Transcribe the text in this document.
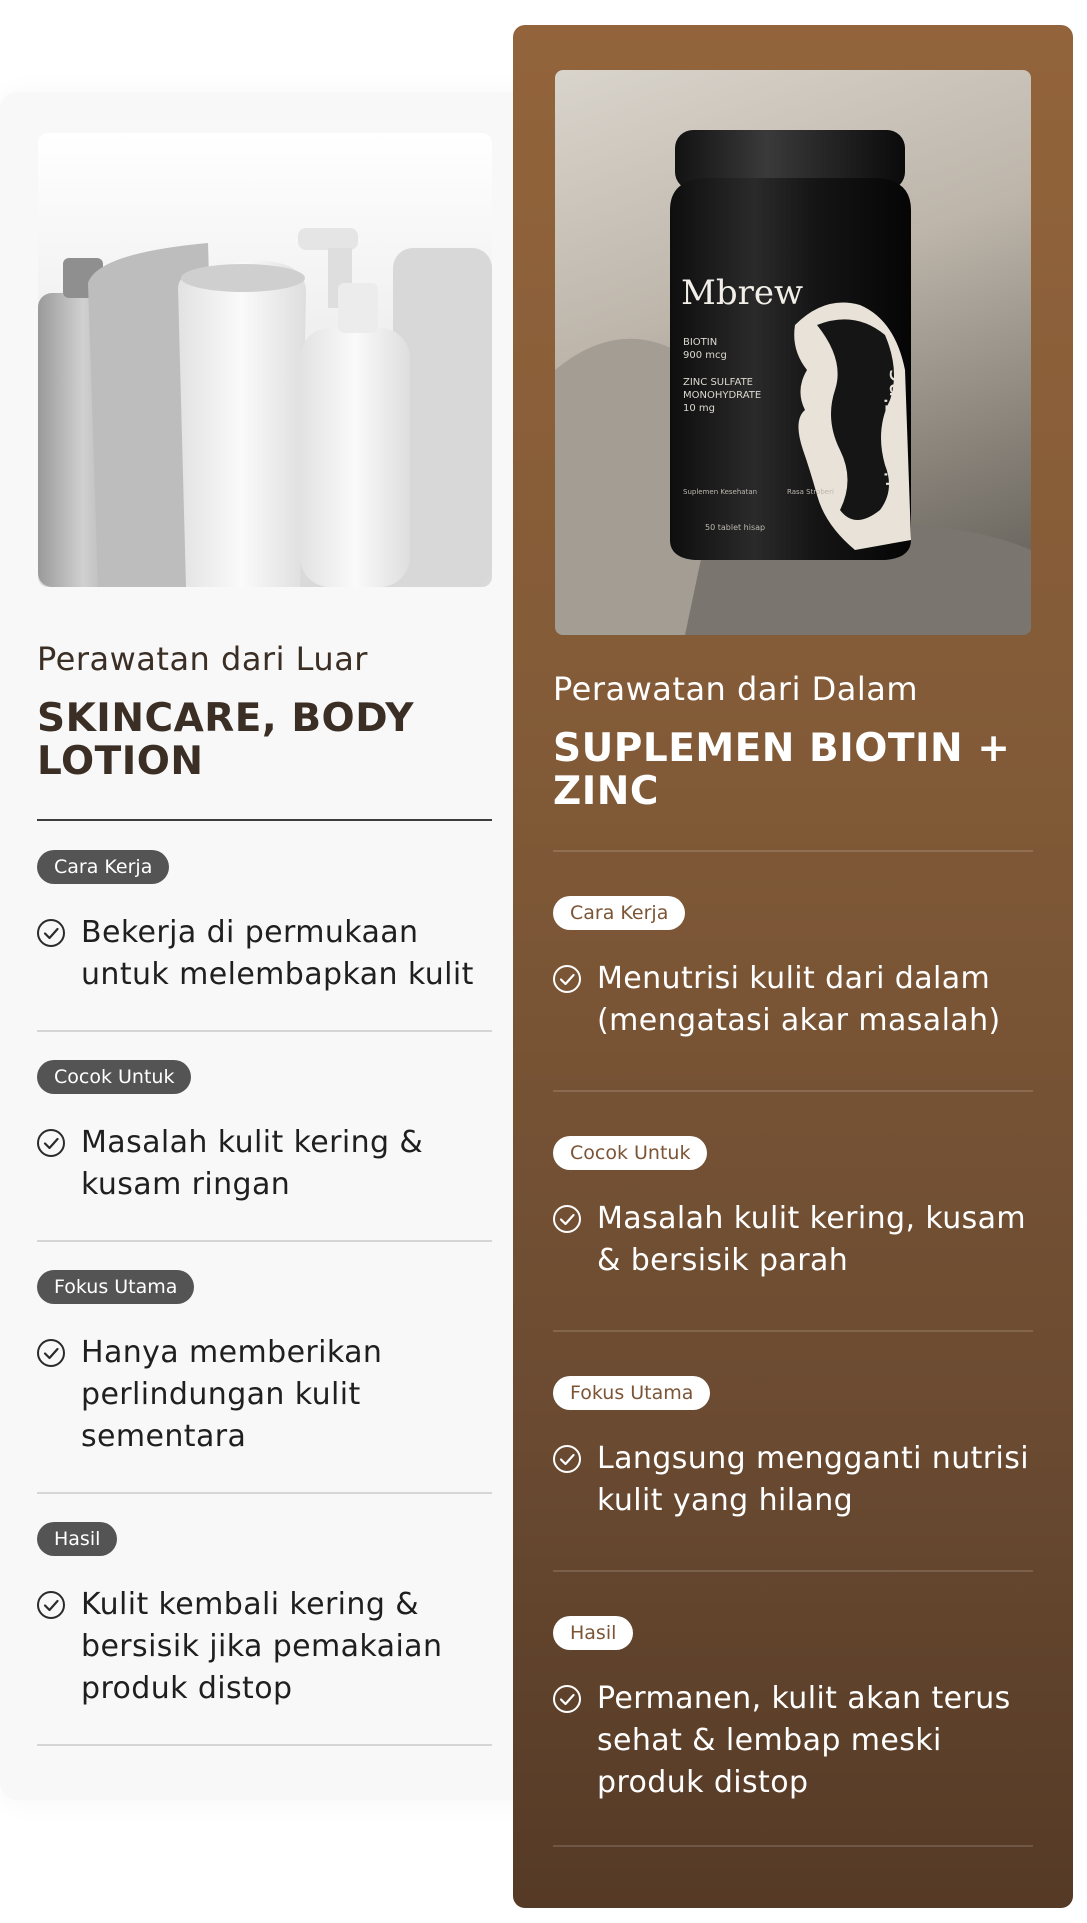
Perawatan dari Luar
SKINCARE, BODY LOTION
Cara Kerja
Bekerja di permukaan untuk melembapkan kulit
Cocok Untuk
Masalah kulit kering & kusam ringan
Fokus Utama
Hanya memberikan perlindungan kulit sementara
Hasil
Kulit kembali kering & bersisik jika pemakaian produk distop
Mbrew
BIOTIN
900 mcg
ZINC SULFATE
MONOHYDRATE
10 mg
Suplemen Kesehatan	Rasa Stroberi
50 tablet hisap
Biotin + Zinc
Perawatan dari Dalam
SUPLEMEN BIOTIN + ZINC
Cara Kerja
Menutrisi kulit dari dalam (mengatasi akar masalah)
Cocok Untuk
Masalah kulit kering, kusam & bersisik parah
Fokus Utama
Langsung mengganti nutrisi kulit yang hilang
Hasil
Permanen, kulit akan terus sehat & lembap meski produk distop
